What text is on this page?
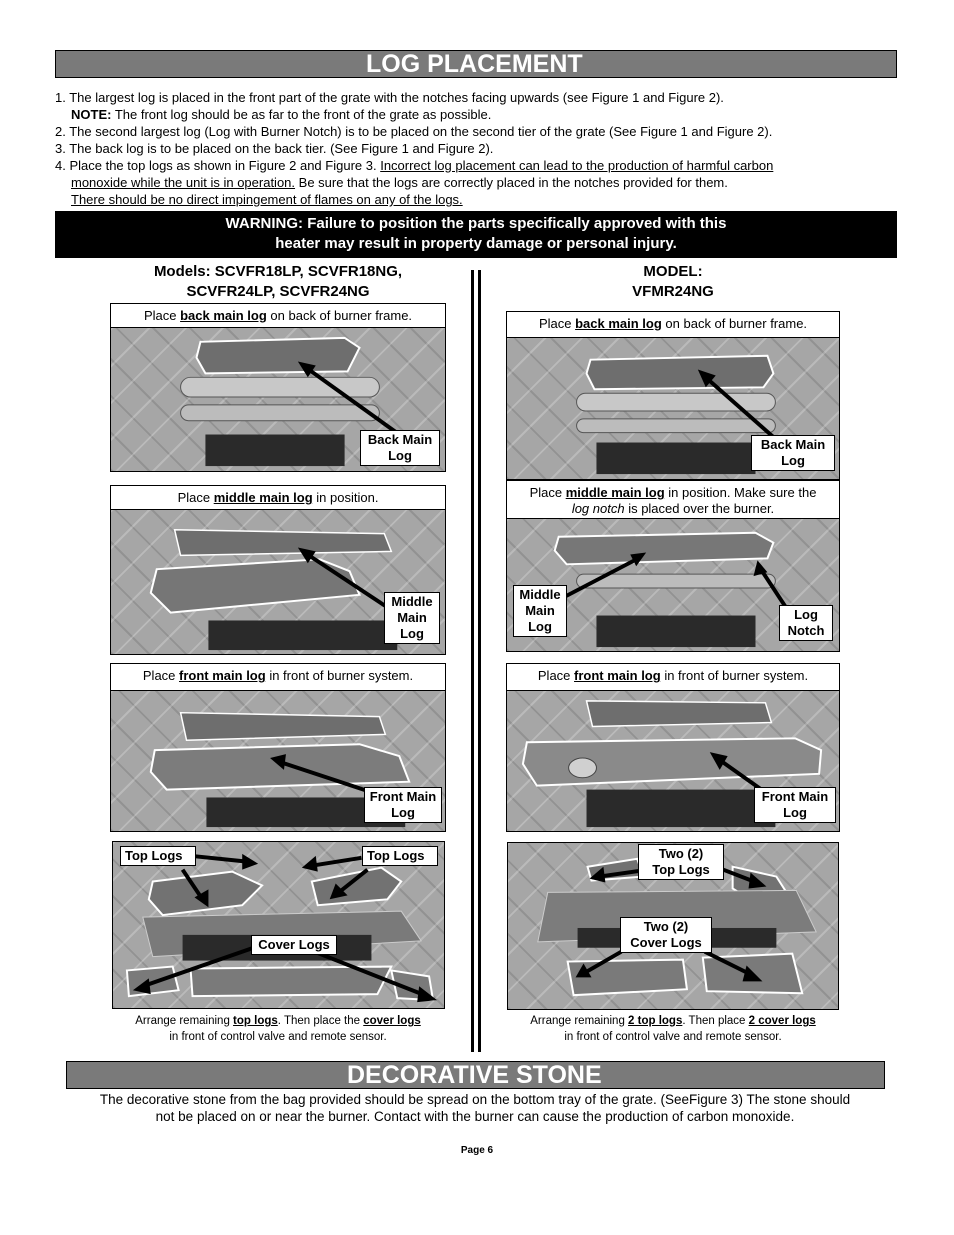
LOG PLACEMENT
1. The largest log is placed in the front part of the grate with the notches facing upwards (see Figure 1 and Figure 2).
NOTE: The front log should be as far to the front of the grate as possible.
2. The second largest log (Log with Burner Notch) is to be placed on the second tier of the grate (See Figure 1 and Figure 2).
3. The back log is to be placed on the back tier. (See Figure 1 and Figure 2).
4. Place the top logs as shown in Figure 2 and Figure 3. Incorrect log placement can lead to the production of harmful carbon
monoxide while the unit is in operation. Be sure that the logs are correctly placed in the notches provided for them.
There should be no direct impingement of flames on any of the logs.
WARNING: Failure to position the parts specifically approved with this
heater may result in property damage or personal injury.
Models: SCVFR18LP, SCVFR18NG,
SCVFR24LP, SCVFR24NG
MODEL:
VFMR24NG
Place back main log on back of burner frame.
Back Main
Log
Place back main log on back of burner frame.
Back Main
Log
Place middle main log in position.
Middle
Main
Log
Place middle main log in position. Make sure the
log notch is placed over the burner.
Middle
Main
Log
Log
Notch
Place front main log in front of burner system.
Front Main
Log
Place front main log in front of burner system.
Front Main
Log
Top Logs	Top Logs
Cover Logs
Two (2)
Top Logs
Two (2)
Cover Logs
Arrange remaining top logs. Then place the cover logs
in front of control valve and remote sensor.
Arrange remaining 2 top logs. Then place 2 cover logs
in front of control valve and remote sensor.
DECORATIVE STONE
The decorative stone from the bag provided should be spread on the bottom tray of the grate. (SeeFigure 3) The stone should
not be placed on or near the burner. Contact with the burner can cause the production of carbon monoxide.
Page 6
